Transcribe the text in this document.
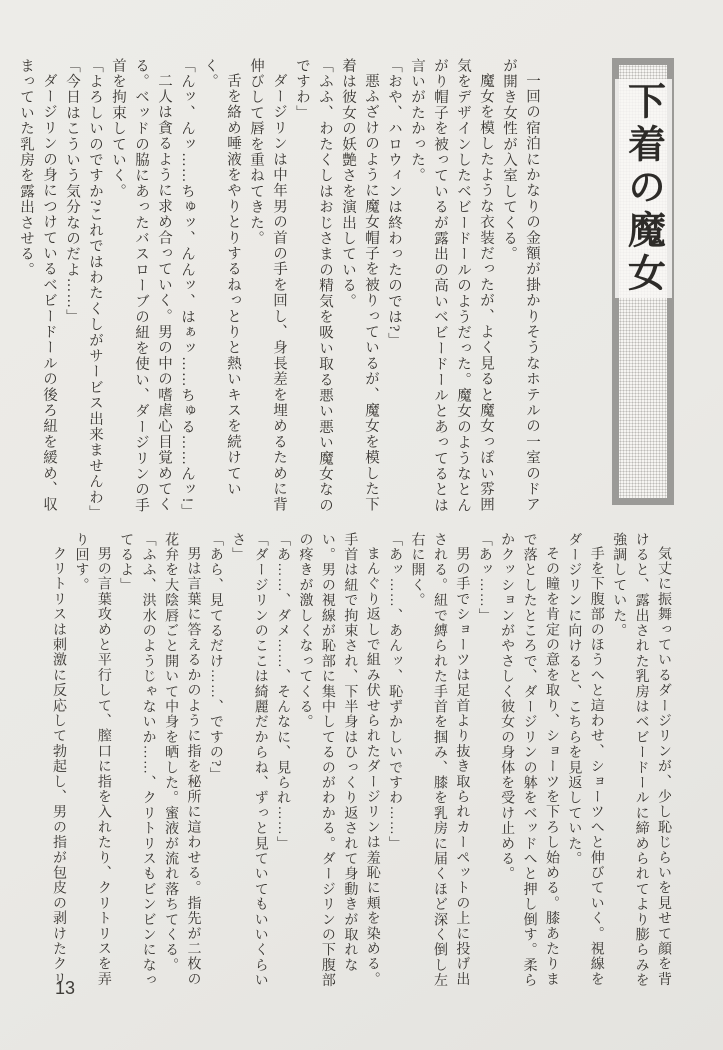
下着の魔女

一回の宿泊にかなりの金額が掛かりそうなホテルの一室のドアが開き女性が入室してくる。

魔女を模したような衣装だったが、よく見ると魔女っぽい雰囲気をデザインしたベビードールのようだった。魔女のようなとんがり帽子を被っているが露出の高いベビードールとあってるとは言いがたかった。

「おや、ハロウィンは終わったのでは?」

悪ふざけのように魔女帽子を被りっているが、魔女を模した下着は彼女の妖艶さを演出している。

「ふふ、わたくしはおじさまの精気を吸い取る悪い悪い魔女なのですわ」

ダージリンは中年男の首の手を回し、身長差を埋めるために背伸びして唇を重ねてきた。

舌を絡め唾液をやりとりするねっとりと熱いキスを続けていく。

「んッ、んッ……ちゅッ、んんッ、はぁッ……ちゅる……んッ!」

二人は貪るように求め合っていく。男の中の嗜虐心目覚めてくる。ベッドの脇にあったバスローブの紐を使い、ダージリンの手首を拘束していく。

「よろしいのですか?これではわたくしがサービス出来ませんわ」

「今日はこういう気分なのだよ……」

ダージリンの身につけているベビードールの後ろ紐を緩め、収まっていた乳房を露出させる。

気丈に振舞っているダージリンが、少し恥じらいを見せて顔を背けると、露出された乳房はベビードールに締められてより膨らみを強調していた。

手を下腹部のほうへと這わせ、ショーツへと伸びていく。視線をダージリンに向けると、こちらを見返していた。

その瞳を肯定の意を取り、ショーツを下ろし始める。膝あたりまで落としたところで、ダージリンの躰をベッドへと押し倒す。柔らかクッションがやさしく彼女の身体を受け止める。

「あッ……」

男の手でショーツは足首より抜き取られカーペットの上に投げ出される。紐で縛られた手首を掴み、膝を乳房に届くほど深く倒し左右に開く。

「あッ……、あんッ、恥ずかしいですわ……」

まんぐり返しで組み伏せられたダージリンは羞恥に頬を染める。手首は紐で拘束され、下半身はひっくり返されて身動きが取れない。男の視線が恥部に集中してるのがわかる。ダージリンの下腹部の疼きが激しくなってくる。

「あ……、ダメ……、そんなに、見られ……」

「ダージリンのここは綺麗だからね、ずっと見ていてもいいくらいさ」

「あら、見てるだけ……、ですの?」

男は言葉に答えるかのように指を秘所に這わせる。指先が二枚の花弁を大陰唇ごと開いて中身を晒した。蜜液が流れ落ちてくる。

「ふふ、洪水のようじゃないか……、クリトリスもビンビンになってるよ」

男の言葉攻めと平行して、膣口に指を入れたり、クリトリスを弄り回す。

クリトリスは刺激に反応して勃起し、男の指が包皮の剥けたクリ

13
